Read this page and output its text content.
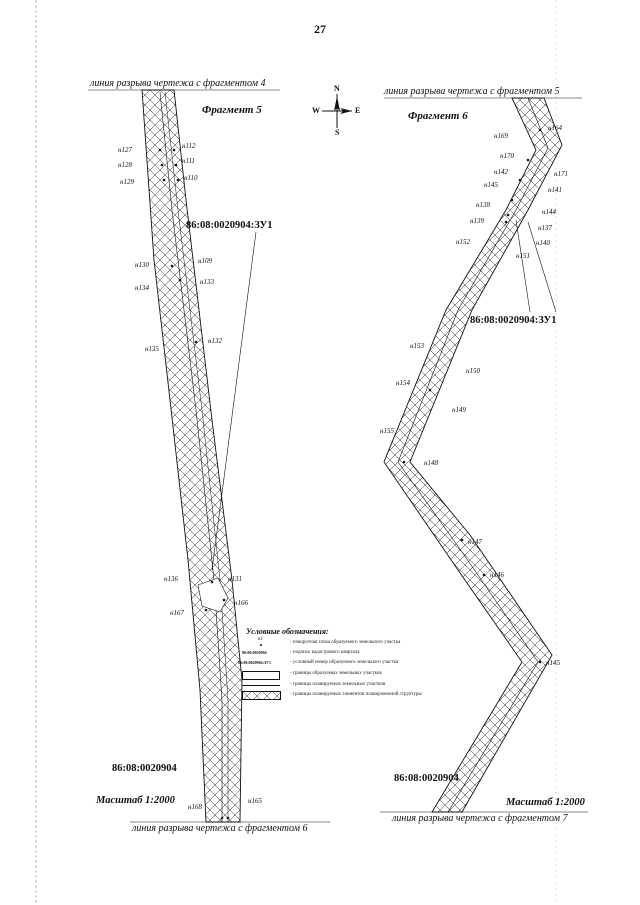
27
линия разрыва чертежа с фрагментом 4
линия разрыва чертежа с фрагментом 5
линия разрыва чертежа с фрагментом 6
линия разрыва чертежа с фрагментом 7
Фрагмент 5	Фрагмент 6
N
S
W	E
н127	н112
н128	н111
н129	н110
н109
н130
н133
н134
н135
н132
н136	н131
н166
н167
н168
н165
н169
н164
н170
н142	н171
н145
н141
н138
н144
н139
н137
н152	н140
н151
н153
н150
н154
н149
н155
н148
н147
н146
н145
86:08:0020904:ЗУ1
86:08:0020904:ЗУ1
86:08:0020904
86:08:0020904
Масштаб 1:2000	Масштаб 1:2000
Условные обозначения:
н1
- поворотная точка образуемого земельного участка
86:08:0020904	- подпись кадастрового квартала
86:08:0020904:ЗУ1	- условный номер образуемого земельного участка
- границы образуемых земельных участков
- границы планируемых земельных участков
- границы планируемых элементов планировочной структуры
